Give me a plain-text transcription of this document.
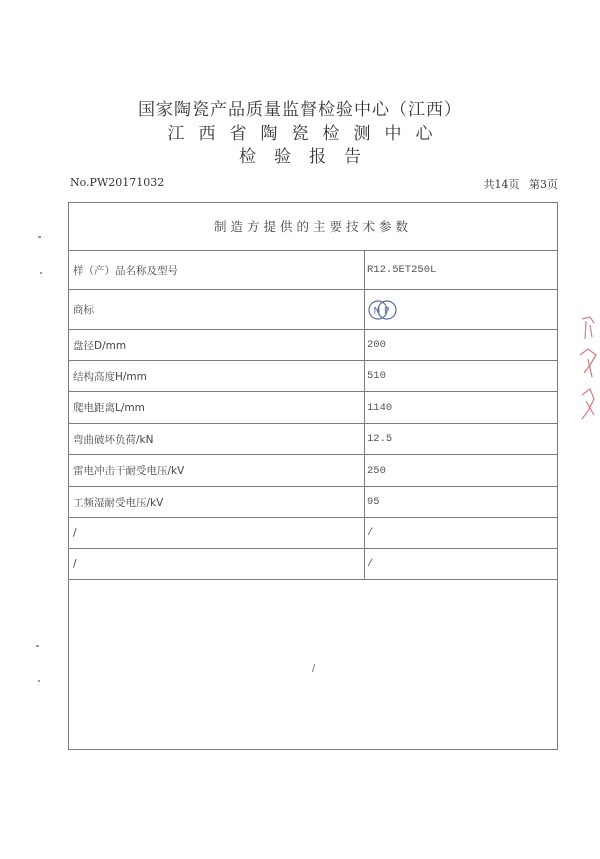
国家陶瓷产品质量监督检验中心（江西）
江西省陶瓷检测中心
检验报告
No.PW20171032	共14页 第3页
制造方提供的主要技术参数
样（产）品名称及型号	R12.5ET250L
商标	N P
盘径D/mm	200
结构高度H/mm	510
爬电距离L/mm	1140
弯曲破坏负荷/kN	12.5
雷电冲击干耐受电压/kV	250
工频湿耐受电压/kV	95
/	/
/	/
/
